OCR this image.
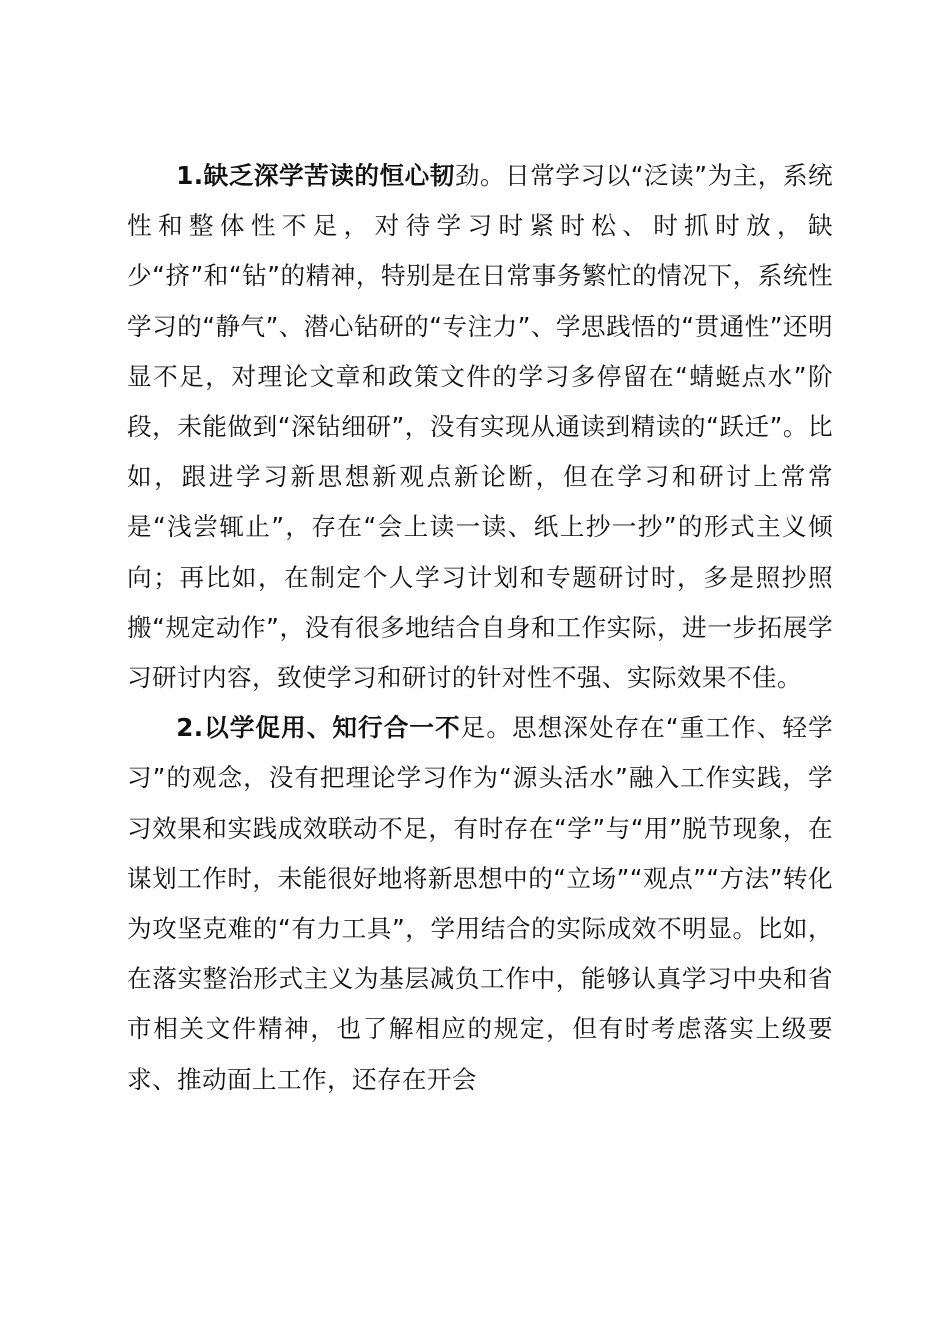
1.缺乏深学苦读的恒心韧劲。日常学习以“泛读”为主，系统性和整体性不足，对待学习时紧时松、时抓时放，缺少“挤”和“钻”的精神，特别是在日常事务繁忙的情况下，系统性学习的“静气”、潜心钻研的“专注力”、学思践悟的“贯通性”还明显不足，对理论文章和政策文件的学习多停留在“蜻蜓点水”阶段，未能做到“深钻细研”，没有实现从通读到精读的“跃迁”。比如，跟进学习新思想新观点新论断，但在学习和研讨上常常是“浅尝辄止”，存在“会上读一读、纸上抄一抄”的形式主义倾向；再比如，在制定个人学习计划和专题研讨时，多是照抄照搬“规定动作”，没有很多地结合自身和工作实际，进一步拓展学习研讨内容，致使学习和研讨的针对性不强、实际效果不佳。

2.以学促用、知行合一不足。思想深处存在“重工作、轻学习”的观念，没有把理论学习作为“源头活水”融入工作实践，学习效果和实践成效联动不足，有时存在“学”与“用”脱节现象，在谋划工作时，未能很好地将新思想中的“立场”“观点”“方法”转化为攻坚克难的“有力工具”，学用结合的实际成效不明显。比如，在落实整治形式主义为基层减负工作中，能够认真学习中央和省市相关文件精神，也了解相应的规定，但有时考虑落实上级要求、推动面上工作，还存在开会
